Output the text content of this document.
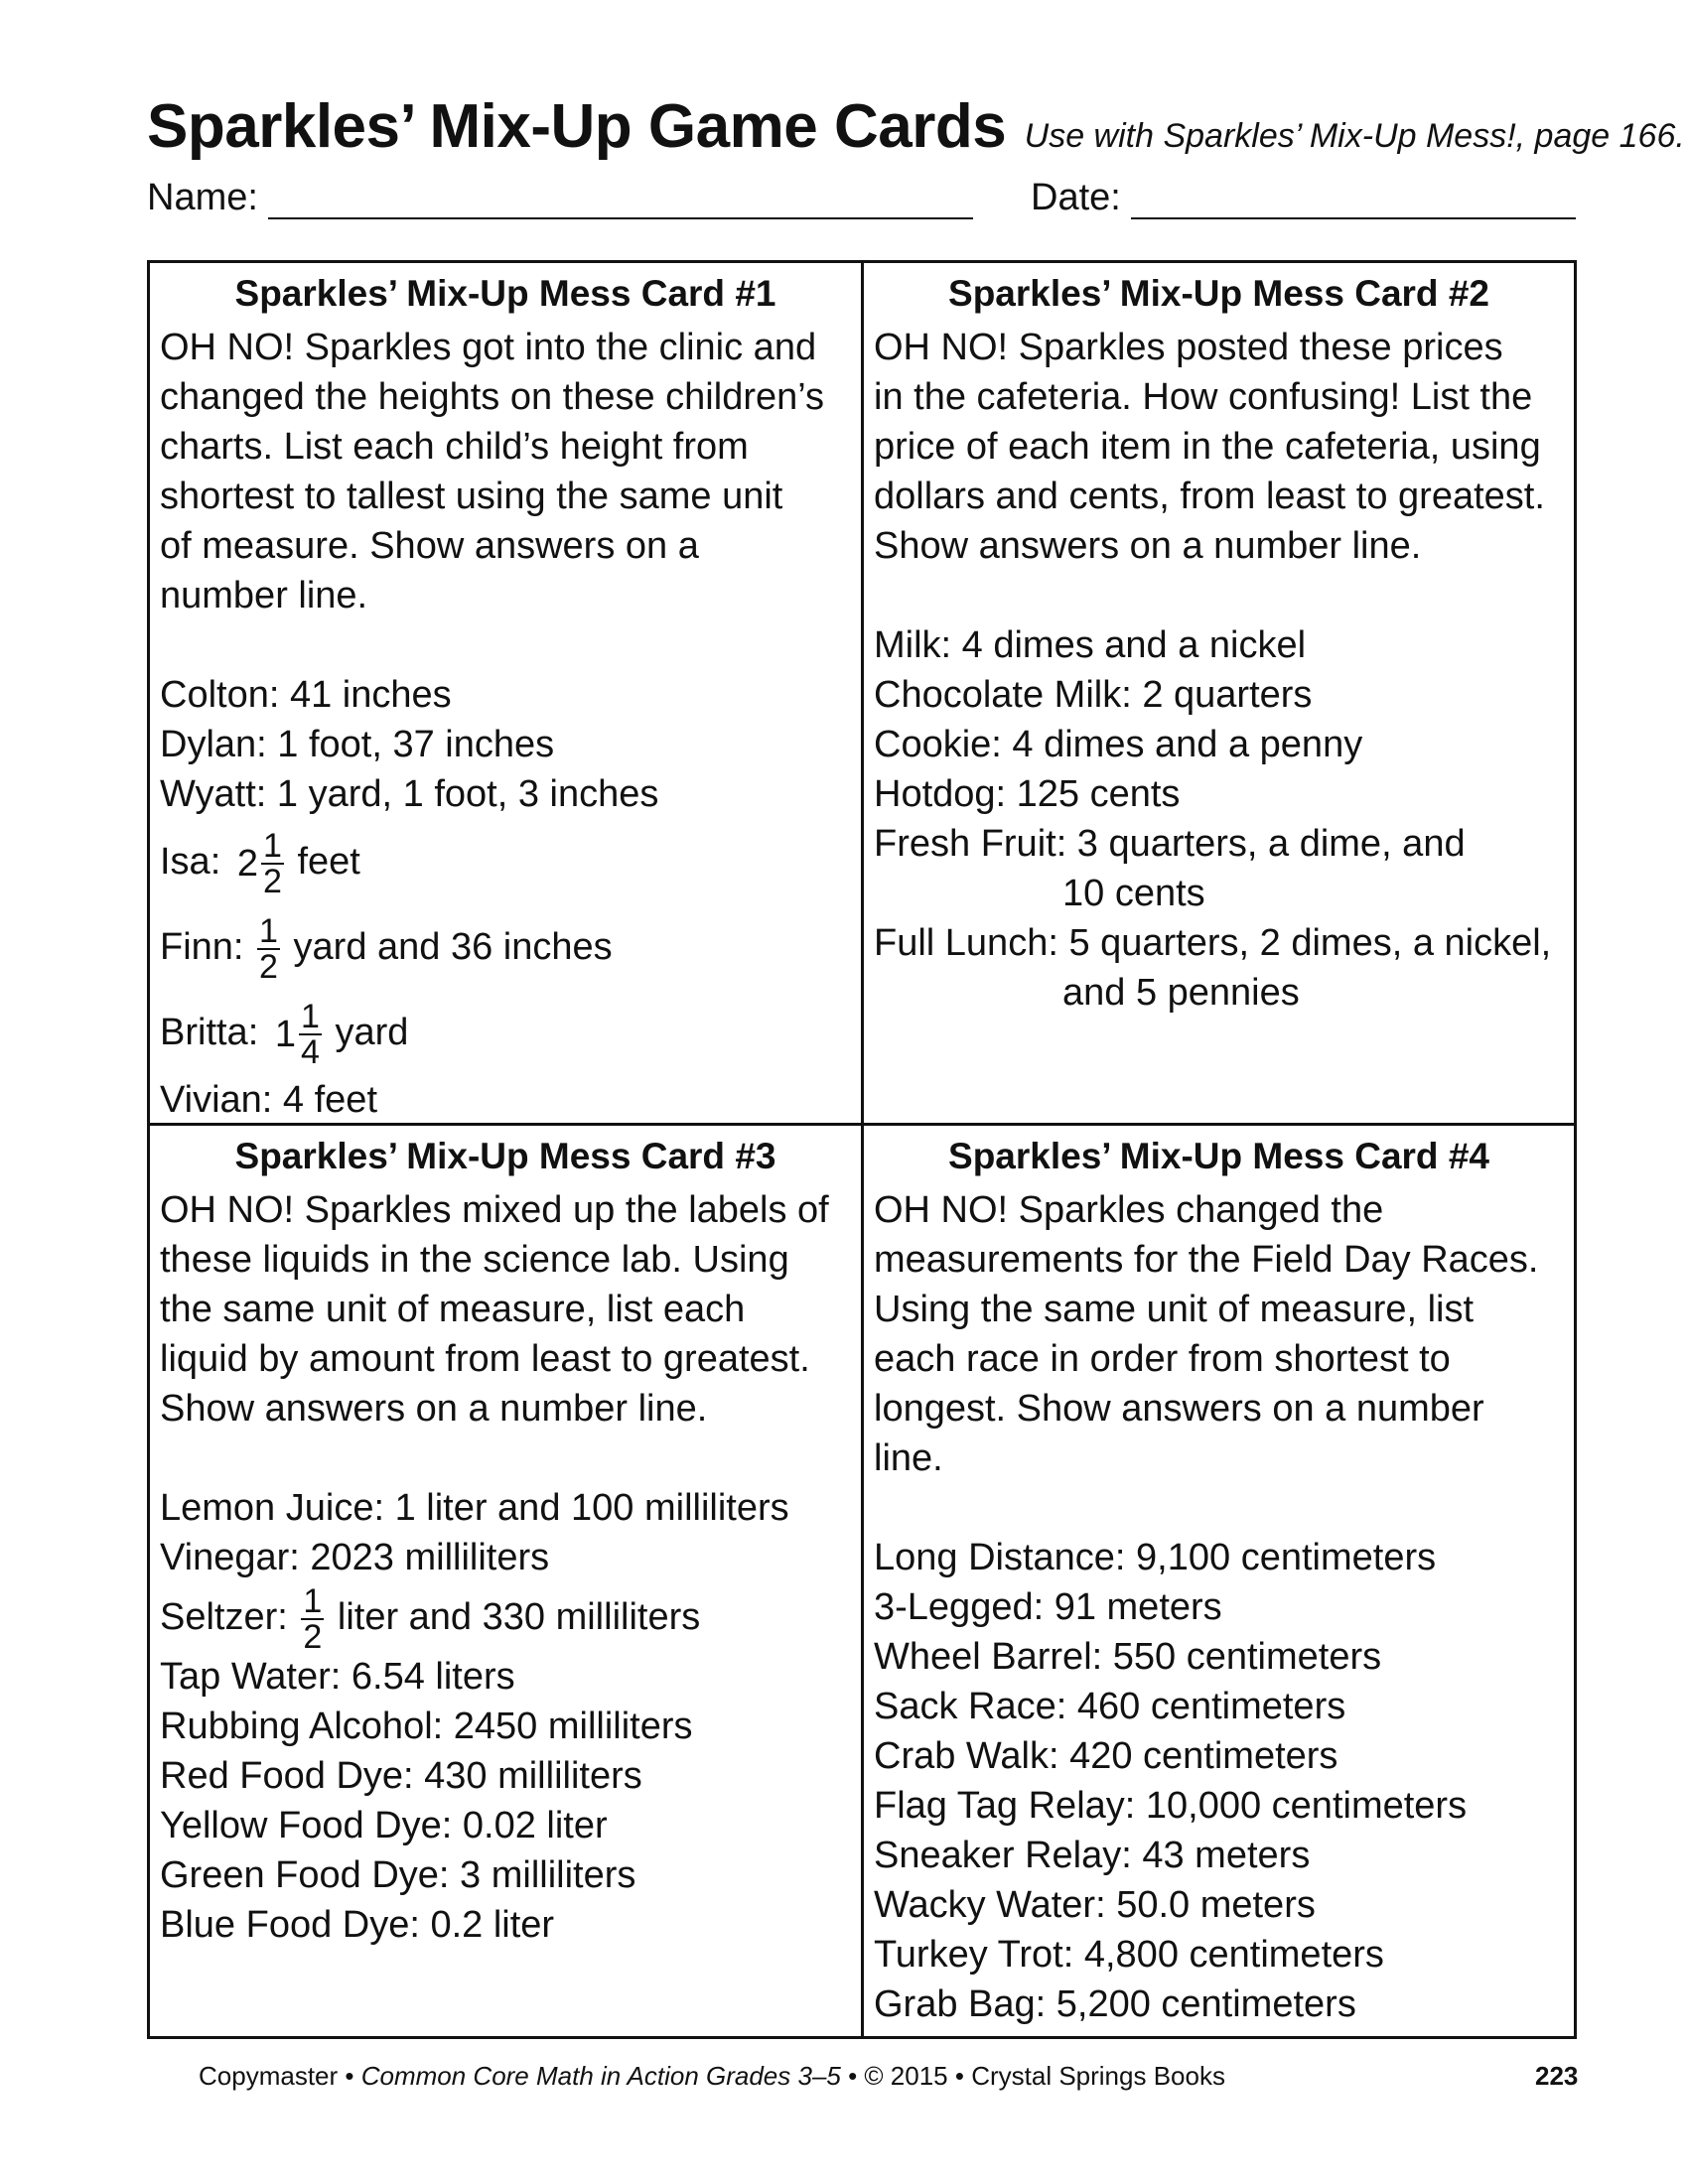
Sparkles’ Mix-Up Game Cards Use with Sparkles’ Mix-Up Mess!, page 166.
Name:	Date:
Sparkles’ Mix-Up Mess Card #1
OH NO! Sparkles got into the clinic and
changed the heights on these children’s
charts. List each child’s height from
shortest to tallest using the same unit
of measure. Show answers on a
number line.
Colton: 41 inches
Dylan: 1 foot, 37 inches
Wyatt: 1 yard, 1 foot, 3 inches
Isa: $2 \frac{1}{2}$ feet
Finn: $\frac{1}{2}$ yard and 36 inches
Britta: $1 \frac{1}{4}$ yard
Vivian: 4 feet
Sparkles’ Mix-Up Mess Card #2
OH NO! Sparkles posted these prices
in the cafeteria. How confusing! List the
price of each item in the cafeteria, using
dollars and cents, from least to greatest.
Show answers on a number line.
Milk: 4 dimes and a nickel
Chocolate Milk: 2 quarters
Cookie: 4 dimes and a penny
Hotdog: 125 cents
Fresh Fruit: 3 quarters, a dime, and
10 cents
Full Lunch: 5 quarters, 2 dimes, a nickel,
and 5 pennies
Sparkles’ Mix-Up Mess Card #3
OH NO! Sparkles mixed up the labels of
these liquids in the science lab. Using
the same unit of measure, list each
liquid by amount from least to greatest.
Show answers on a number line.
Lemon Juice: 1 liter and 100 milliliters
Vinegar: 2023 milliliters
Seltzer: $\frac{1}{2}$ liter and 330 milliliters
Tap Water: 6.54 liters
Rubbing Alcohol: 2450 milliliters
Red Food Dye: 430 milliliters
Yellow Food Dye: 0.02 liter
Green Food Dye: 3 milliliters
Blue Food Dye: 0.2 liter
Sparkles’ Mix-Up Mess Card #4
OH NO! Sparkles changed the
measurements for the Field Day Races.
Using the same unit of measure, list
each race in order from shortest to
longest. Show answers on a number
line.
Long Distance: 9,100 centimeters
3-Legged: 91 meters
Wheel Barrel: 550 centimeters
Sack Race: 460 centimeters
Crab Walk: 420 centimeters
Flag Tag Relay: 10,000 centimeters
Sneaker Relay: 43 meters
Wacky Water: 50.0 meters
Turkey Trot: 4,800 centimeters
Grab Bag: 5,200 centimeters
Copymaster • Common Core Math in Action Grades 3–5 • © 2015 • Crystal Springs Books	223
